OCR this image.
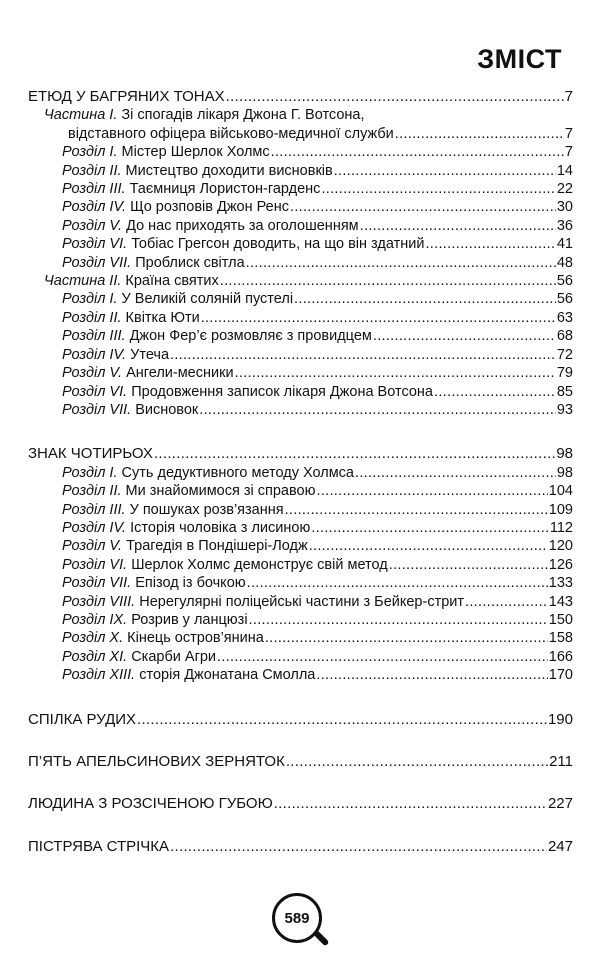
ЗМІСТ
ЕТЮД У БАГРЯНИХ ТОНАХ .....	7
Частина І. Зі спогадів лікаря Джона Г. Вотсона,
відставного офіцера військово-медичної служби .....	7
Розділ І. Містер Шерлок Холмс .....	7
Розділ ІІ. Мистецтво доходити висновків .....	14
Розділ ІІІ. Таємниця Лористон-гарденс .....	22
Розділ IV. Що розповів Джон Ренс .....	30
Розділ V. До нас приходять за оголошенням .....	36
Розділ VI. Тобіас Грегсон доводить, на що він здатний .....	41
Розділ VII. Проблиск світла .....	48
Частина ІІ. Країна святих .....	56
Розділ І. У Великій соляній пустелі .....	56
Розділ ІІ. Квітка Юти .....	63
Розділ ІІІ. Джон Фер’є розмовляє з провидцем .....	68
Розділ IV. Утеча .....	72
Розділ V. Ангели-месники .....	79
Розділ VI. Продовження записок лікаря Джона Вотсона .....	85
Розділ VII. Висновок .....	93
ЗНАК ЧОТИРЬОХ .....	98
Розділ І. Суть дедуктивного методу Холмса .....	98
Розділ ІІ. Ми знайомимося зі справою .....	104
Розділ ІІІ. У пошуках розв’язання .....	109
Розділ IV. Історія чоловіка з лисиною .....	112
Розділ V. Трагедія в Пондішері-Лодж .....	120
Розділ VI. Шерлок Холмс демонструє свій метод .....	126
Розділ VII. Епізод із бочкою .....	133
Розділ VIII. Нерегулярні поліцейські частини з Бейкер-стрит .....	143
Розділ IX. Розрив у ланцюзі .....	150
Розділ X. Кінець остров’янина .....	158
Розділ XI. Скарби Агри .....	166
Розділ XIII. сторія Джонатана Смолла .....	170
СПІЛКА РУДИХ .....	190
П’ЯТЬ АПЕЛЬСИНОВИХ ЗЕРНЯТОК .....	211
ЛЮДИНА З РОЗСІЧЕНОЮ ГУБОЮ .....	227
ПІСТРЯВА СТРІЧКА .....	247
589
